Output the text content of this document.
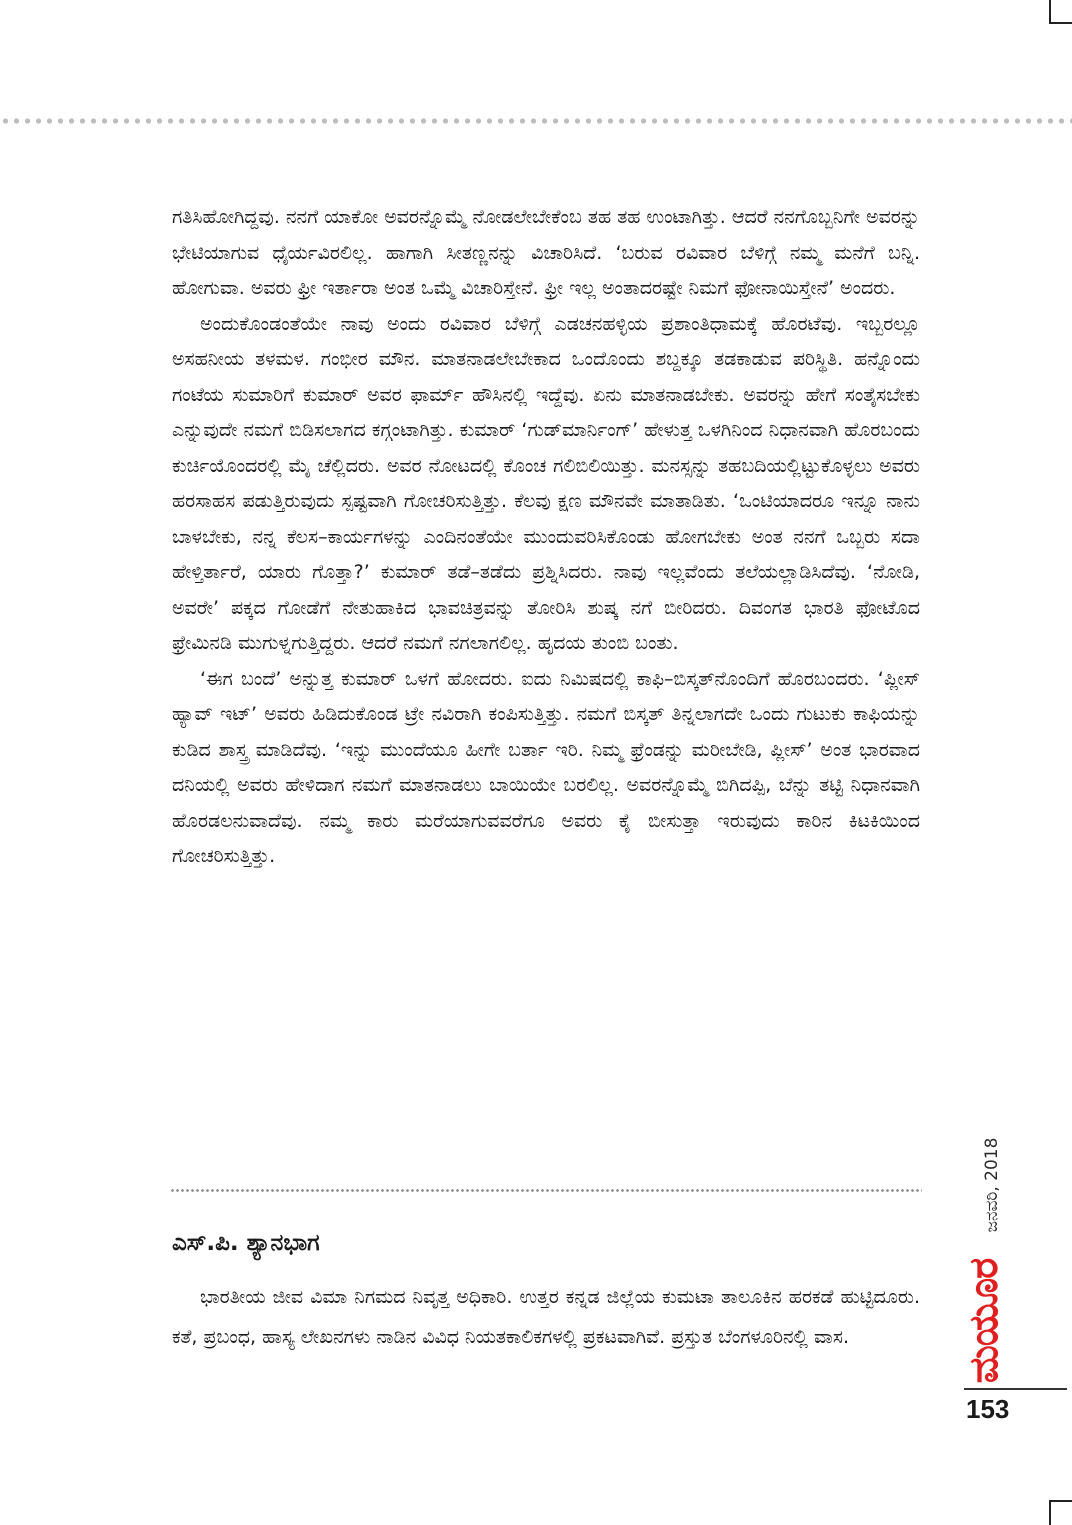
ಗತಿಸಿಹೋಗಿದ್ದವು. ನನಗೆ ಯಾಕೋ ಅವರನ್ನೊಮ್ಮೆ ನೋಡಲೇಬೇಕೆಂಬ ತಹ ತಹ ಉಂಟಾಗಿತ್ತು. ಆದರೆ ನನಗೊಬ್ಬನಿಗೇ ಅವರನ್ನು ಭೇಟಿಯಾಗುವ ಧೈರ್ಯವಿರಲಿಲ್ಲ. ಹಾಗಾಗಿ ಸೀತಣ್ಣನನ್ನು ವಿಚಾರಿಸಿದೆ. ‘ಬರುವ ರವಿವಾರ ಬೆಳಿಗ್ಗೆ ನಮ್ಮ ಮನೆಗೆ ಬನ್ನಿ. ಹೋಗುವಾ. ಅವರು ಫ್ರೀ ಇರ್ತಾರಾ ಅಂತ ಒಮ್ಮೆ ವಿಚಾರಿಸ್ತೇನೆ. ಫ್ರೀ ಇಲ್ಲ ಅಂತಾದರಷ್ಟೇ ನಿಮಗೆ ಫೋನಾಯಿಸ್ತೇನೆ’ ಅಂದರು.

ಅಂದುಕೊಂಡಂತೆಯೇ ನಾವು ಅಂದು ರವಿವಾರ ಬೆಳಿಗ್ಗೆ ಎಡಚನಹಳ್ಳಿಯ ಪ್ರಶಾಂತಿಧಾಮಕ್ಕೆ ಹೊರಟೆವು. ಇಬ್ಬರಲ್ಲೂ ಅಸಹನೀಯ ತಳಮಳ. ಗಂಭೀರ ಮೌನ. ಮಾತನಾಡಲೇಬೇಕಾದ ಒಂದೊಂದು ಶಬ್ದಕ್ಕೂ ತಡಕಾಡುವ ಪರಿಸ್ಥಿತಿ. ಹನ್ನೊಂದು ಗಂಟೆಯ ಸುಮಾರಿಗೆ ಕುಮಾರ್ ಅವರ ಫಾರ್ಮ್ ಹೌಸಿನಲ್ಲಿ ಇದ್ದೆವು. ಏನು ಮಾತನಾಡಬೇಕು. ಅವರನ್ನು ಹೇಗೆ ಸಂತೈಸಬೇಕು ಎನ್ನುವುದೇ ನಮಗೆ ಬಿಡಿಸಲಾಗದ ಕಗ್ಗಂಟಾಗಿತ್ತು. ಕುಮಾರ್ ‘ಗುಡ್‌ಮಾರ್ನಿಂಗ್’ ಹೇಳುತ್ತ ಒಳಗಿನಿಂದ ನಿಧಾನವಾಗಿ ಹೊರಬಂದು ಕುರ್ಚಿಯೊಂದರಲ್ಲಿ ಮೈ ಚೆಲ್ಲಿದರು. ಅವರ ನೋಟದಲ್ಲಿ ಕೊಂಚ ಗಲಿಬಿಲಿಯಿತ್ತು. ಮನಸ್ಸನ್ನು ತಹಬದಿಯಲ್ಲಿಟ್ಟುಕೊಳ್ಳಲು ಅವರು ಹರಸಾಹಸ ಪಡುತ್ತಿರುವುದು ಸ್ಪಷ್ಟವಾಗಿ ಗೋಚರಿಸುತ್ತಿತ್ತು. ಕೆಲವು ಕ್ಷಣ ಮೌನವೇ ಮಾತಾಡಿತು. ‘ಒಂಟಿಯಾದರೂ ಇನ್ನೂ ನಾನು ಬಾಳಬೇಕು, ನನ್ನ ಕೆಲಸ–ಕಾರ್ಯಗಳನ್ನು ಎಂದಿನಂತೆಯೇ ಮುಂದುವರಿಸಿಕೊಂಡು ಹೋಗಬೇಕು ಅಂತ ನನಗೆ ಒಬ್ಬರು ಸದಾ ಹೇಳ್ತಿರ್ತಾರೆ, ಯಾರು ಗೊತ್ತಾ?’ ಕುಮಾರ್ ತಡೆ–ತಡೆದು ಪ್ರಶ್ನಿಸಿದರು. ನಾವು ಇಲ್ಲವೆಂದು ತಲೆಯಲ್ಲಾಡಿಸಿದೆವು. ‘ನೋಡಿ, ಅವರೇ’ ಪಕ್ಕದ ಗೋಡೆಗೆ ನೇತುಹಾಕಿದ ಭಾವಚಿತ್ರವನ್ನು ತೋರಿಸಿ ಶುಷ್ಕ ನಗೆ ಬೀರಿದರು. ದಿವಂಗತ ಭಾರತಿ ಫೋಟೊದ ಫ್ರೇಮಿನಡಿ ಮುಗುಳ್ನಗುತ್ತಿದ್ದರು. ಆದರೆ ನಮಗೆ ನಗಲಾಗಲಿಲ್ಲ. ಹೃದಯ ತುಂಬಿ ಬಂತು.

‘ಈಗ ಬಂದೆ’ ಅನ್ನುತ್ತ ಕುಮಾರ್ ಒಳಗೆ ಹೋದರು. ಐದು ನಿಮಿಷದಲ್ಲಿ ಕಾಫಿ–ಬಿಸ್ಕತ್‌ನೊಂದಿಗೆ ಹೊರಬಂದರು. ‘ಪ್ಲೀಸ್ ಹ್ಯಾವ್ ಇಟ್’ ಅವರು ಹಿಡಿದುಕೊಂಡ ಟ್ರೇ ನವಿರಾಗಿ ಕಂಪಿಸುತ್ತಿತ್ತು. ನಮಗೆ ಬಿಸ್ಕತ್ ತಿನ್ನಲಾಗದೇ ಒಂದು ಗುಟುಕು ಕಾಫಿಯನ್ನು ಕುಡಿದ ಶಾಸ್ತ್ರ ಮಾಡಿದೆವು. ‘ಇನ್ನು ಮುಂದೆಯೂ ಹೀಗೇ ಬರ್ತಾ ಇರಿ. ನಿಮ್ಮ ಫ್ರೆಂಡನ್ನು ಮರೀಬೇಡಿ, ಪ್ಲೀಸ್’ ಅಂತ ಭಾರವಾದ ದನಿಯಲ್ಲಿ ಅವರು ಹೇಳಿದಾಗ ನಮಗೆ ಮಾತನಾಡಲು ಬಾಯಿಯೇ ಬರಲಿಲ್ಲ. ಅವರನ್ನೊಮ್ಮೆ ಬಿಗಿದಪ್ಪಿ, ಬೆನ್ನು ತಟ್ಟಿ ನಿಧಾನವಾಗಿ ಹೊರಡಲನುವಾದೆವು. ನಮ್ಮ ಕಾರು ಮರೆಯಾಗುವವರೆಗೂ ಅವರು ಕೈ ಬೀಸುತ್ತಾ ಇರುವುದು ಕಾರಿನ ಕಿಟಕಿಯಿಂದ ಗೋಚರಿಸುತ್ತಿತ್ತು.

ಎಸ್.ಪಿ. ಶ್ಯಾನಭಾಗ
ಭಾರತೀಯ ಜೀವ ವಿಮಾ ನಿಗಮದ ನಿವೃತ್ತ ಅಧಿಕಾರಿ. ಉತ್ತರ ಕನ್ನಡ ಜಿಲ್ಲೆಯ ಕುಮಟಾ ತಾಲೂಕಿನ ಹರಕಡೆ ಹುಟ್ಟಿದೂರು. ಕತೆ, ಪ್ರಬಂಧ, ಹಾಸ್ಯ ಲೇಖನಗಳು ನಾಡಿನ ವಿವಿಧ ನಿಯತಕಾಲಿಕಗಳಲ್ಲಿ ಪ್ರಕಟವಾಗಿವೆ. ಪ್ರಸ್ತುತ ಬೆಂಗಳೂರಿನಲ್ಲಿ ವಾಸ.
ಜನವರಿ, 2018
ಮಯೂರ
153
